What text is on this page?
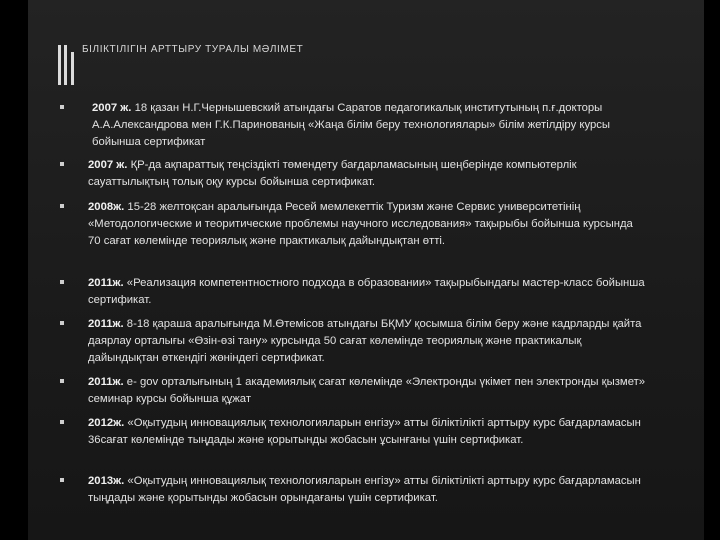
БІЛІКТІЛІГІН АРТТЫРУ ТУРАЛЫ МӘЛІМЕТ
2007 ж. 18 қазан Н.Г.Чернышевский атындағы Саратов педагогикалық институтының п.ғ.докторы А.А.Александрова мен Г.К.Париновaның «Жаңа білім беру технологиялары» білім жетілдіру курсы бойынша сертификат
2007 ж. ҚР-да ақпараттық теңсіздікті төмендету бағдарламасының шеңберінде компьютерлік сауаттылықтың толық оқу курсы бойынша сертификат.
2008ж. 15-28 желтоқсан аралығында Ресей мемлекеттік Туризм және Сервис университетінің «Методологические и теоритические проблемы научного исследования» тақырыбы бойынша курсында 70 сағат көлемінде теориялық және практикалық дайындықтан өтті.
2011ж. «Реализация компетентностного подхода в образовании» тақырыбындағы мастер-класс бойынша сертификат.
2011ж. 8-18 қараша аралығында М.Өтемісов атындағы БҚМУ қосымша білім беру және кадрларды қайта даярлау орталығы «Өзін-өзі тану» курсында 50 сағат көлемінде теориялық және практикалық дайындықтан өткендігі жөніндегі сертификат.
2011ж. е- gov орталығының 1 академиялық сағат көлемінде «Электронды үкімет пен электронды қызмет» семинар курсы бойынша құжат
2012ж. «Оқытудың инновациялық технологияларын енгізу» атты біліктілікті арттыру курс бағдарламасын 36сағат көлемінде тыңдады және қорытынды жобасын ұсынғаны үшін сертификат.
2013ж. «Оқытудың инновациялық технологияларын енгізу» атты біліктілікті арттыру курс бағдарламасын тыңдады және қорытынды жобасын орындағаны үшін сертификат.
